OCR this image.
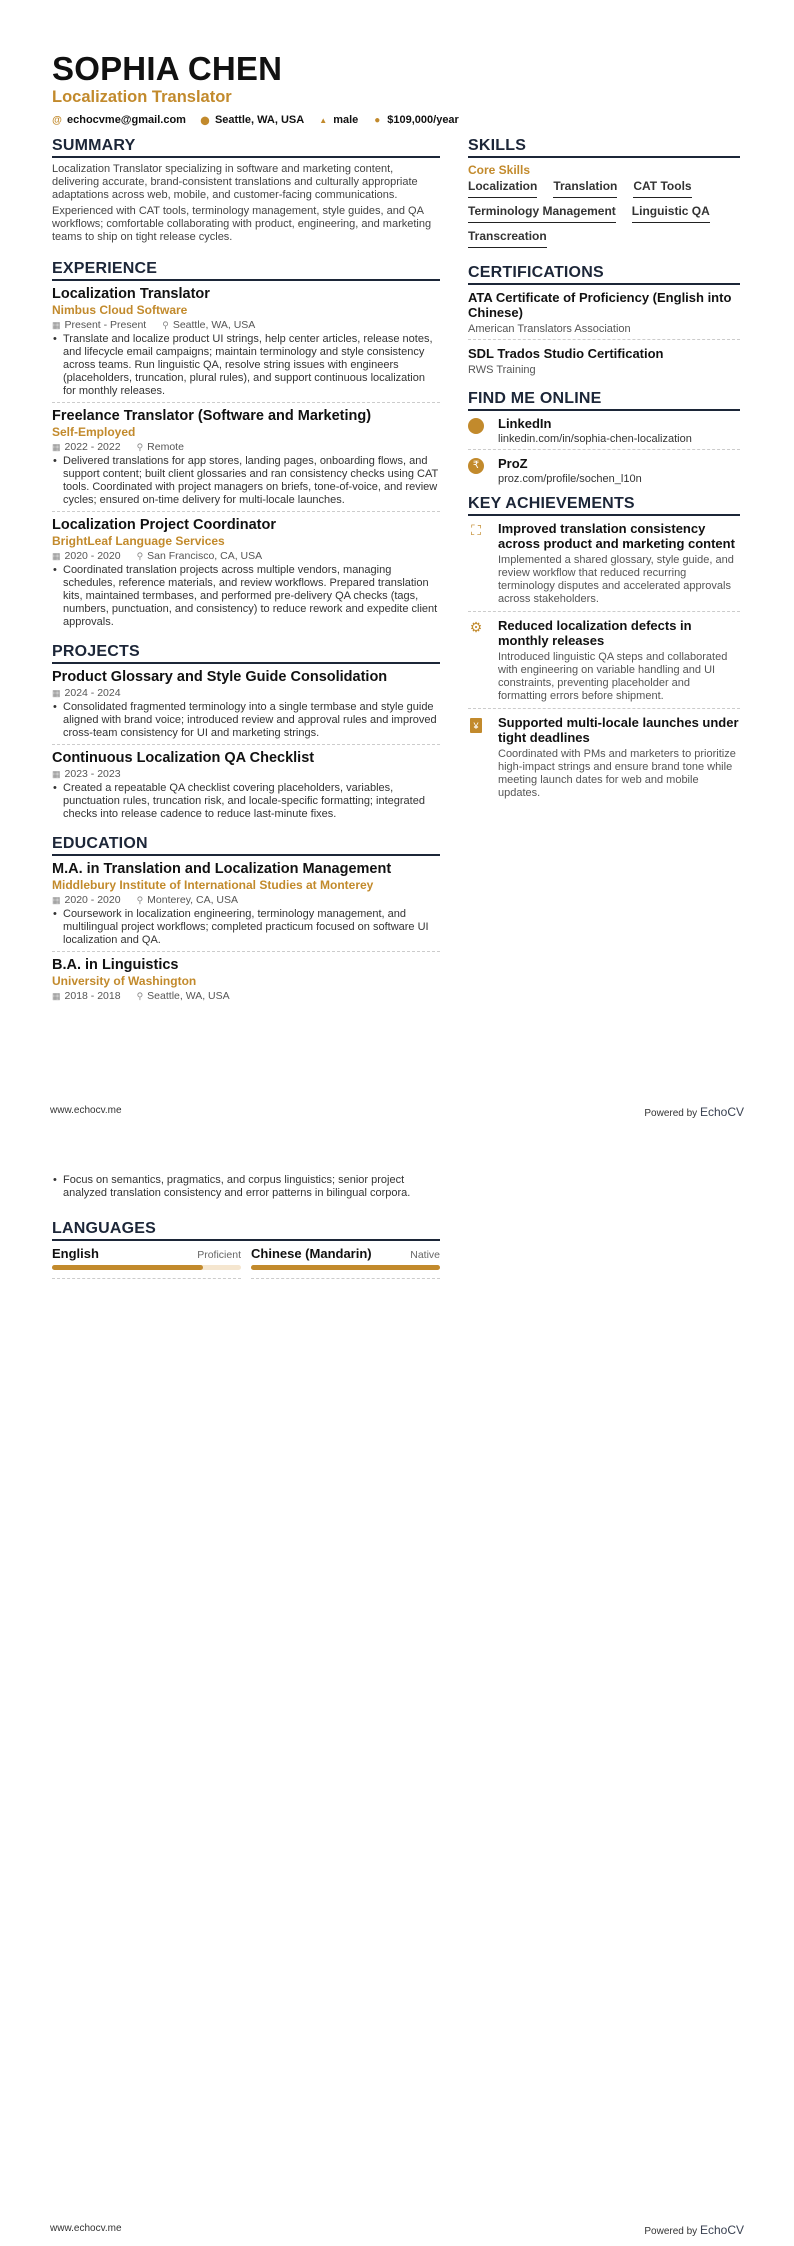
SOPHIA CHEN
Localization Translator
@ echocvme@gmail.com ⬤ Seattle, WA, USA ▲ male ● $109,000/year
SUMMARY

Localization Translator specializing in software and marketing content, delivering accurate, brand-consistent translations and culturally appropriate adaptations across web, mobile, and customer-facing communications.

Experienced with CAT tools, terminology management, style guides, and QA workflows; comfortable collaborating with product, engineering, and marketing teams to ship on tight release cycles.

EXPERIENCE
Localization Translator
Nimbus Cloud Software
▦ Present - Present ⚲ Seattle, WA, USA
• Translate and localize product UI strings, help center articles, release notes, and lifecycle email campaigns; maintain terminology and style consistency across teams. Run linguistic QA, resolve string issues with engineers (placeholders, truncation, plural rules), and support continuous localization for monthly releases.
Freelance Translator (Software and Marketing)
Self-Employed
▦ 2022 - 2022 ⚲ Remote
• Delivered translations for app stores, landing pages, onboarding flows, and support content; built client glossaries and ran consistency checks using CAT tools. Coordinated with project managers on briefs, tone-of-voice, and review cycles; ensured on-time delivery for multi-locale launches.
Localization Project Coordinator
BrightLeaf Language Services
▦ 2020 - 2020 ⚲ San Francisco, CA, USA
• Coordinated translation projects across multiple vendors, managing schedules, reference materials, and review workflows. Prepared translation kits, maintained termbases, and performed pre-delivery QA checks (tags, numbers, punctuation, and consistency) to reduce rework and expedite client approvals.
PROJECTS
Product Glossary and Style Guide Consolidation
▦ 2024 - 2024
• Consolidated fragmented terminology into a single termbase and style guide aligned with brand voice; introduced review and approval rules and improved cross-team consistency for UI and marketing strings.
Continuous Localization QA Checklist
▦ 2023 - 2023
• Created a repeatable QA checklist covering placeholders, variables, punctuation rules, truncation risk, and locale-specific formatting; integrated checks into release cadence to reduce last-minute fixes.
EDUCATION
M.A. in Translation and Localization Management
Middlebury Institute of International Studies at Monterey
▦ 2020 - 2020 ⚲ Monterey, CA, USA
• Coursework in localization engineering, terminology management, and multilingual project workflows; completed practicum focused on software UI localization and QA.
B.A. in Linguistics
University of Washington
▦ 2018 - 2018 ⚲ Seattle, WA, USA
SKILLS
Core Skills
Localization Translation CAT Tools
Terminology Management Linguistic QA
Transcreation
CERTIFICATIONS
ATA Certificate of Proficiency (English into Chinese)
American Translators Association
SDL Trados Studio Certification
RWS Training
FIND ME ONLINE
LinkedIn
linkedin.com/in/sophia-chen-localization
₹	ProZ
proz.com/profile/sochen_l10n
KEY ACHIEVEMENTS
⛶ Improved translation consistency across product and marketing content
Implemented a shared glossary, style guide, and review workflow that reduced recurring terminology disputes and accelerated approvals across stakeholders.
⚙ Reduced localization defects in monthly releases
Introduced linguistic QA steps and collaborated with engineering on variable handling and UI constraints, preventing placeholder and formatting errors before shipment.
¥	Supported multi-locale launches under tight deadlines
Coordinated with PMs and marketers to prioritize high-impact strings and ensure brand tone while meeting launch dates for web and mobile updates.
www.echocv.me	Powered by EchoCV
• Focus on semantics, pragmatics, and corpus linguistics; senior project analyzed translation consistency and error patterns in bilingual corpora.
LANGUAGES
English	Proficient Chinese (Mandarin)	Native
www.echocv.me	Powered by EchoCV
